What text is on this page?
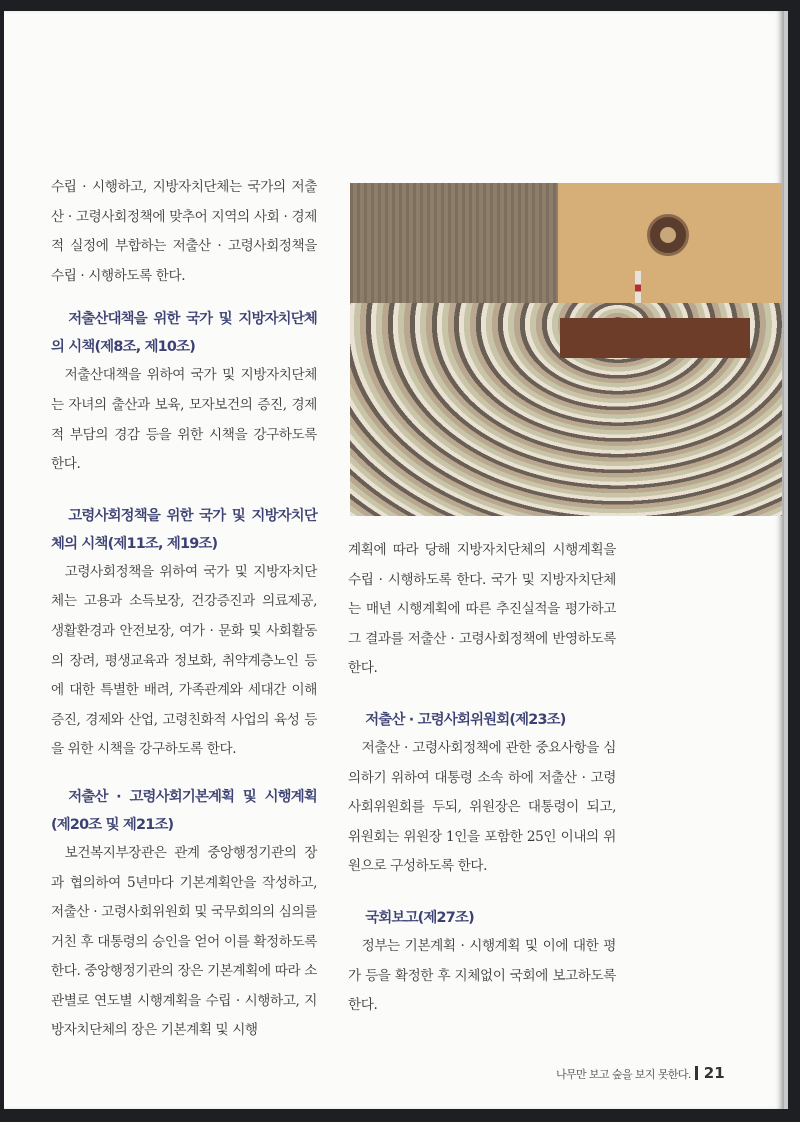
수립 · 시행하고, 지방자치단체는 국가의 저출산 · 고령사회정책에 맞추어 지역의 사회 · 경제적 실정에 부합하는 저출산 · 고령사회정책을 수립 · 시행하도록 한다.

저출산대책을 위한 국가 및 지방자치단체의 시책(제8조, 제10조)

저출산대책을 위하여 국가 및 지방자치단체는 자녀의 출산과 보육, 모자보건의 증진, 경제적 부담의 경감 등을 위한 시책을 강구하도록 한다.

고령사회정책을 위한 국가 및 지방자치단체의 시책(제11조, 제19조)

고령사회정책을 위하여 국가 및 지방자치단체는 고용과 소득보장, 건강증진과 의료제공, 생활환경과 안전보장, 여가 · 문화 및 사회활동의 장려, 평생교육과 정보화, 취약계층노인 등에 대한 특별한 배려, 가족관계와 세대간 이해증진, 경제와 산업, 고령친화적 사업의 육성 등을 위한 시책을 강구하도록 한다.

저출산 · 고령사회기본계획 및 시행계획(제20조 및 제21조)

보건복지부장관은 관계 중앙행정기관의 장과 협의하여 5년마다 기본계획안을 작성하고, 저출산 · 고령사회위원회 및 국무회의의 심의를 거친 후 대통령의 승인을 얻어 이를 확정하도록 한다. 중앙행정기관의 장은 기본계획에 따라 소관별로 연도별 시행계획을 수립 · 시행하고, 지방자치단체의 장은 기본계획 및 시행

계획에 따라 당해 지방자치단체의 시행계획을 수립 · 시행하도록 한다. 국가 및 지방자치단체는 매년 시행계획에 따른 추진실적을 평가하고 그 결과를 저출산 · 고령사회정책에 반영하도록 한다.

저출산 · 고령사회위원회(제23조)

저출산 · 고령사회정책에 관한 중요사항을 심의하기 위하여 대통령 소속 하에 저출산 · 고령사회위원회를 두되, 위원장은 대통령이 되고, 위원회는 위원장 1인을 포함한 25인 이내의 위원으로 구성하도록 한다.

국회보고(제27조)

정부는 기본계획 · 시행계획 및 이에 대한 평가 등을 확정한 후 지체없이 국회에 보고하도록 한다.

나무만 보고 숲을 보지 못한다. 21
